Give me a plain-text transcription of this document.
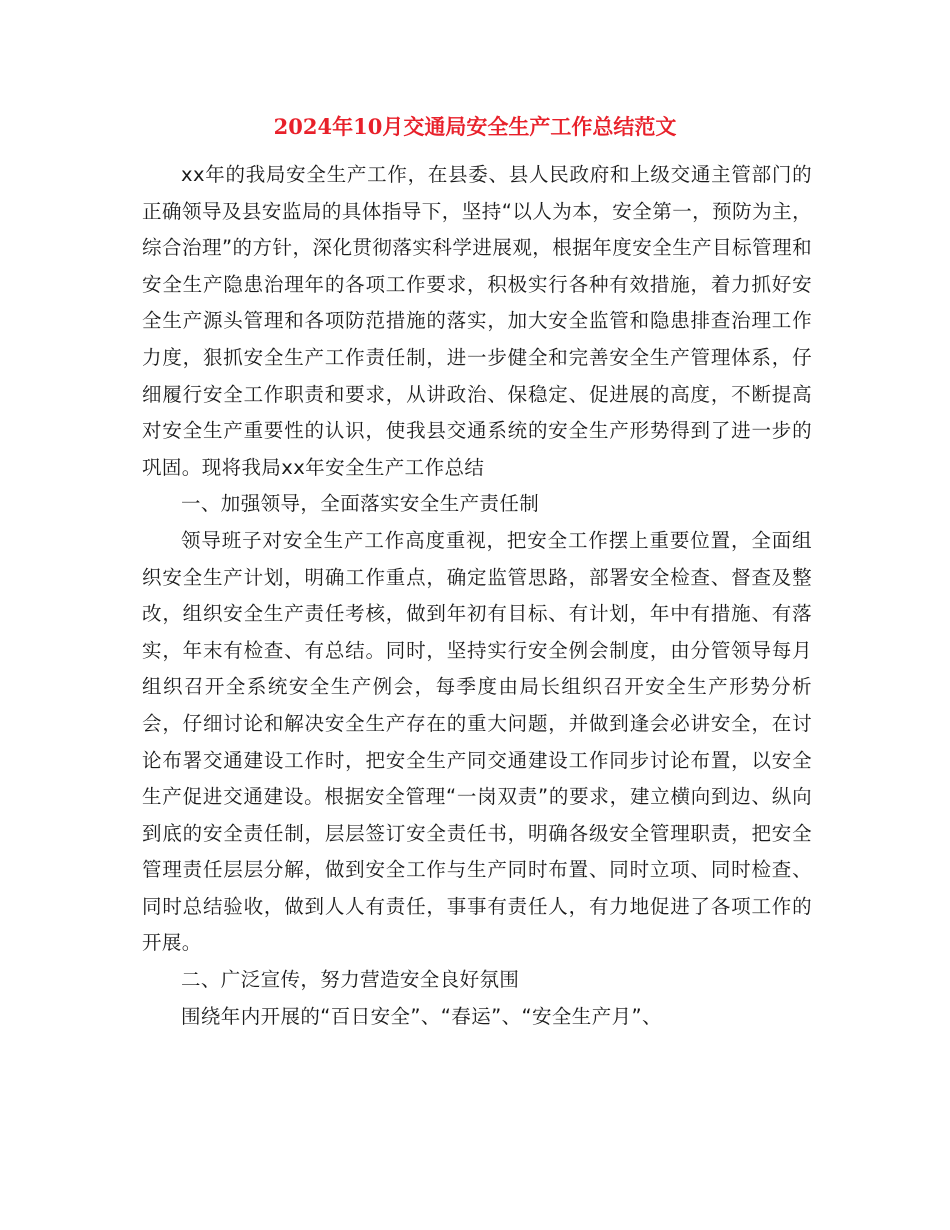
2024年10月交通局安全生产工作总结范文

xx年的我局安全生产工作，在县委、县人民政府和上级交通主管部门的正确领导及县安监局的具体指导下，坚持“以人为本，安全第一，预防为主，综合治理”的方针，深化贯彻落实科学进展观，根据年度安全生产目标管理和安全生产隐患治理年的各项工作要求，积极实行各种有效措施，着力抓好安全生产源头管理和各项防范措施的落实，加大安全监管和隐患排查治理工作力度，狠抓安全生产工作责任制，进一步健全和完善安全生产管理体系，仔细履行安全工作职责和要求，从讲政治、保稳定、促进展的高度，不断提高对安全生产重要性的认识，使我县交通系统的安全生产形势得到了进一步的巩固。现将我局xx年安全生产工作总结

一、加强领导，全面落实安全生产责任制

领导班子对安全生产工作高度重视，把安全工作摆上重要位置，全面组织安全生产计划，明确工作重点，确定监管思路，部署安全检查、督查及整改，组织安全生产责任考核，做到年初有目标、有计划，年中有措施、有落实，年末有检查、有总结。同时，坚持实行安全例会制度，由分管领导每月组织召开全系统安全生产例会，每季度由局长组织召开安全生产形势分析会，仔细讨论和解决安全生产存在的重大问题，并做到逢会必讲安全，在讨论布署交通建设工作时，把安全生产同交通建设工作同步讨论布置，以安全生产促进交通建设。根据安全管理“一岗双责”的要求，建立横向到边、纵向到底的安全责任制，层层签订安全责任书，明确各级安全管理职责，把安全管理责任层层分解，做到安全工作与生产同时布置、同时立项、同时检查、同时总结验收，做到人人有责任，事事有责任人，有力地促进了各项工作的开展。

二、广泛宣传，努力营造安全良好氛围

围绕年内开展的“百日安全”、“春运”、“安全生产月”、
